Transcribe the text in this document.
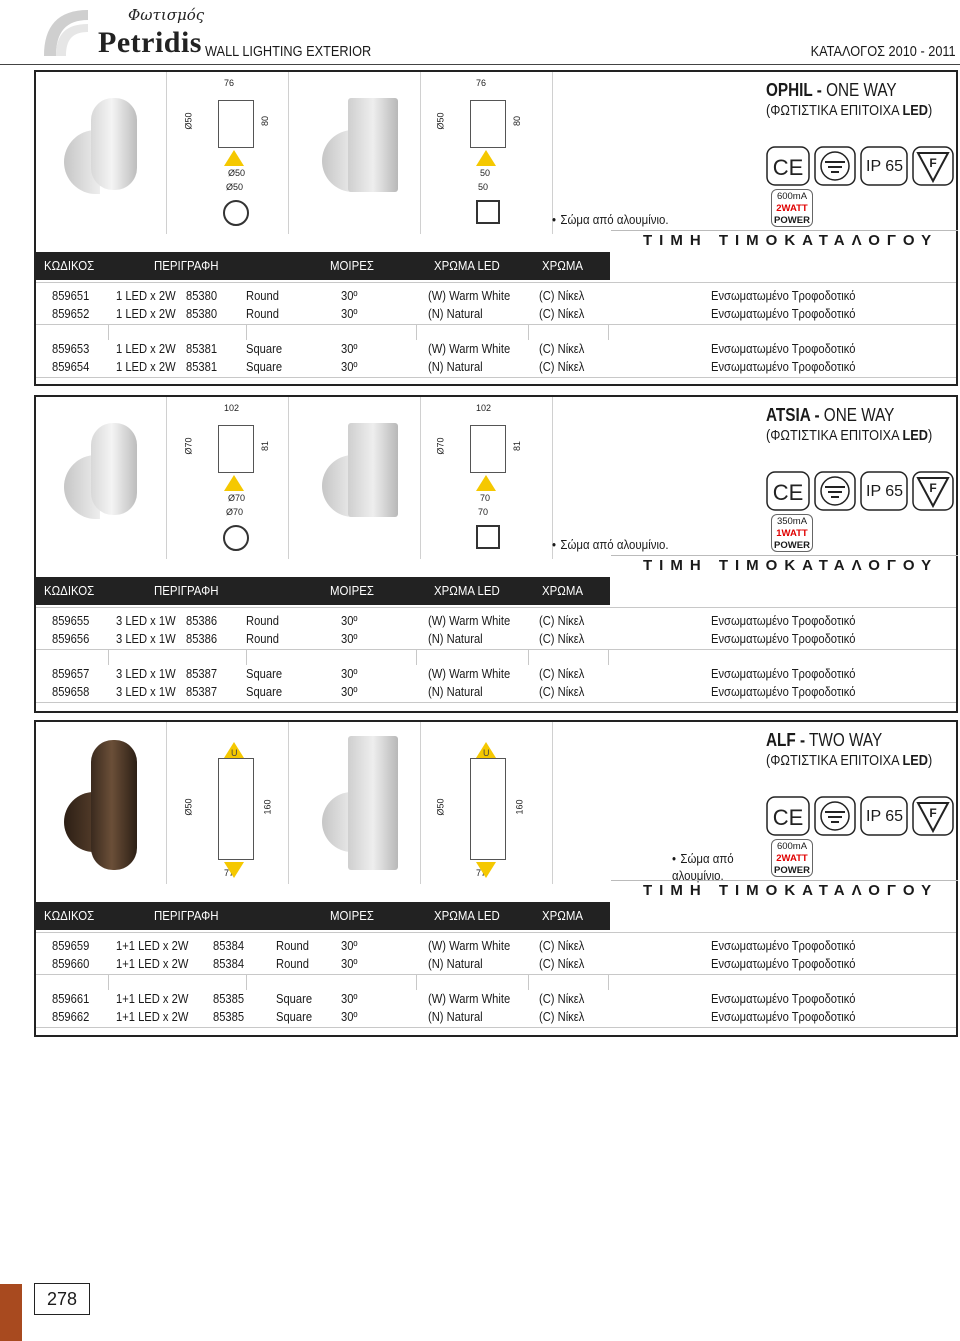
Φωτισμός
Petridis WALL LIGHTING EXTERIOR	ΚΑΤΑΛΟΓΟΣ 2010 - 2011
76
Ø50	80
Ø50
Ø50
76
Ø50	80
50
50
OPHIL - ONE WAY
(ΦΩΤΙΣΤΙΚΑ ΕΠΙΤΟΙΧΑ LED)
CE	F
IP 65
600mA
2WATT
POWER
• Σώμα από αλουμίνιο.
ΤΙΜΗ ΤΙΜΟΚΑΤΑΛΟΓΟΥ
ΚΩΔΙΚΟΣ	ΠΕΡΙΓΡΑΦΗ	ΜΟΙΡΕΣ	ΧΡΩΜΑ LED	ΧΡΩΜΑ
859651 1 LED x 2W 85380 Round	30º	(W) Warm White (C) Νίκελ	Ενσωματωμένο Τροφοδοτικό
859652 1 LED x 2W 85380 Round	30º	(N) Natural	(C) Νίκελ	Ενσωματωμένο Τροφοδοτικό
859653 1 LED x 2W 85381 Square	30º	(W) Warm White (C) Νίκελ	Ενσωματωμένο Τροφοδοτικό
859654 1 LED x 2W 85381 Square	30º	(N) Natural	(C) Νίκελ	Ενσωματωμένο Τροφοδοτικό
102
Ø70	81
Ø70
Ø70
102
Ø70	81
70
70
ATSIA - ONE WAY
(ΦΩΤΙΣΤΙΚΑ ΕΠΙΤΟΙΧΑ LED)
CE	F
IP 65
350mA
1WATT
POWER
• Σώμα από αλουμίνιο.
ΤΙΜΗ ΤΙΜΟΚΑΤΑΛΟΓΟΥ
ΚΩΔΙΚΟΣ	ΠΕΡΙΓΡΑΦΗ	ΜΟΙΡΕΣ	ΧΡΩΜΑ LED	ΧΡΩΜΑ
859655 3 LED x 1W 85386 Round	30º	(W) Warm White (C) Νίκελ	Ενσωματωμένο Τροφοδοτικό
859656 3 LED x 1W 85386 Round	30º	(N) Natural	(C) Νίκελ	Ενσωματωμένο Τροφοδοτικό
859657 3 LED x 1W 85387 Square	30º	(W) Warm White (C) Νίκελ	Ενσωματωμένο Τροφοδοτικό
859658 3 LED x 1W 85387 Square	30º	(N) Natural	(C) Νίκελ	Ενσωματωμένο Τροφοδοτικό
77
Ø50	160
U
77
Ø50	160
U
ALF - TWO WAY
(ΦΩΤΙΣΤΙΚΑ ΕΠΙΤΟΙΧΑ LED)
CE	F
IP 65
600mA
2WATT
POWER
• Σώμα από αλουμίνιο.
ΤΙΜΗ ΤΙΜΟΚΑΤΑΛΟΓΟΥ
ΚΩΔΙΚΟΣ	ΠΕΡΙΓΡΑΦΗ	ΜΟΙΡΕΣ	ΧΡΩΜΑ LED	ΧΡΩΜΑ
859659 1+1 LED x 2W 85384 Round 30º	(W) Warm White (C) Νίκελ	Ενσωματωμένο Τροφοδοτικό
859660 1+1 LED x 2W 85384 Round 30º	(N) Natural	(C) Νίκελ	Ενσωματωμένο Τροφοδοτικό
859661 1+1 LED x 2W 85385 Square 30º	(W) Warm White (C) Νίκελ	Ενσωματωμένο Τροφοδοτικό
859662 1+1 LED x 2W 85385 Square 30º	(N) Natural	(C) Νίκελ	Ενσωματωμένο Τροφοδοτικό
278
